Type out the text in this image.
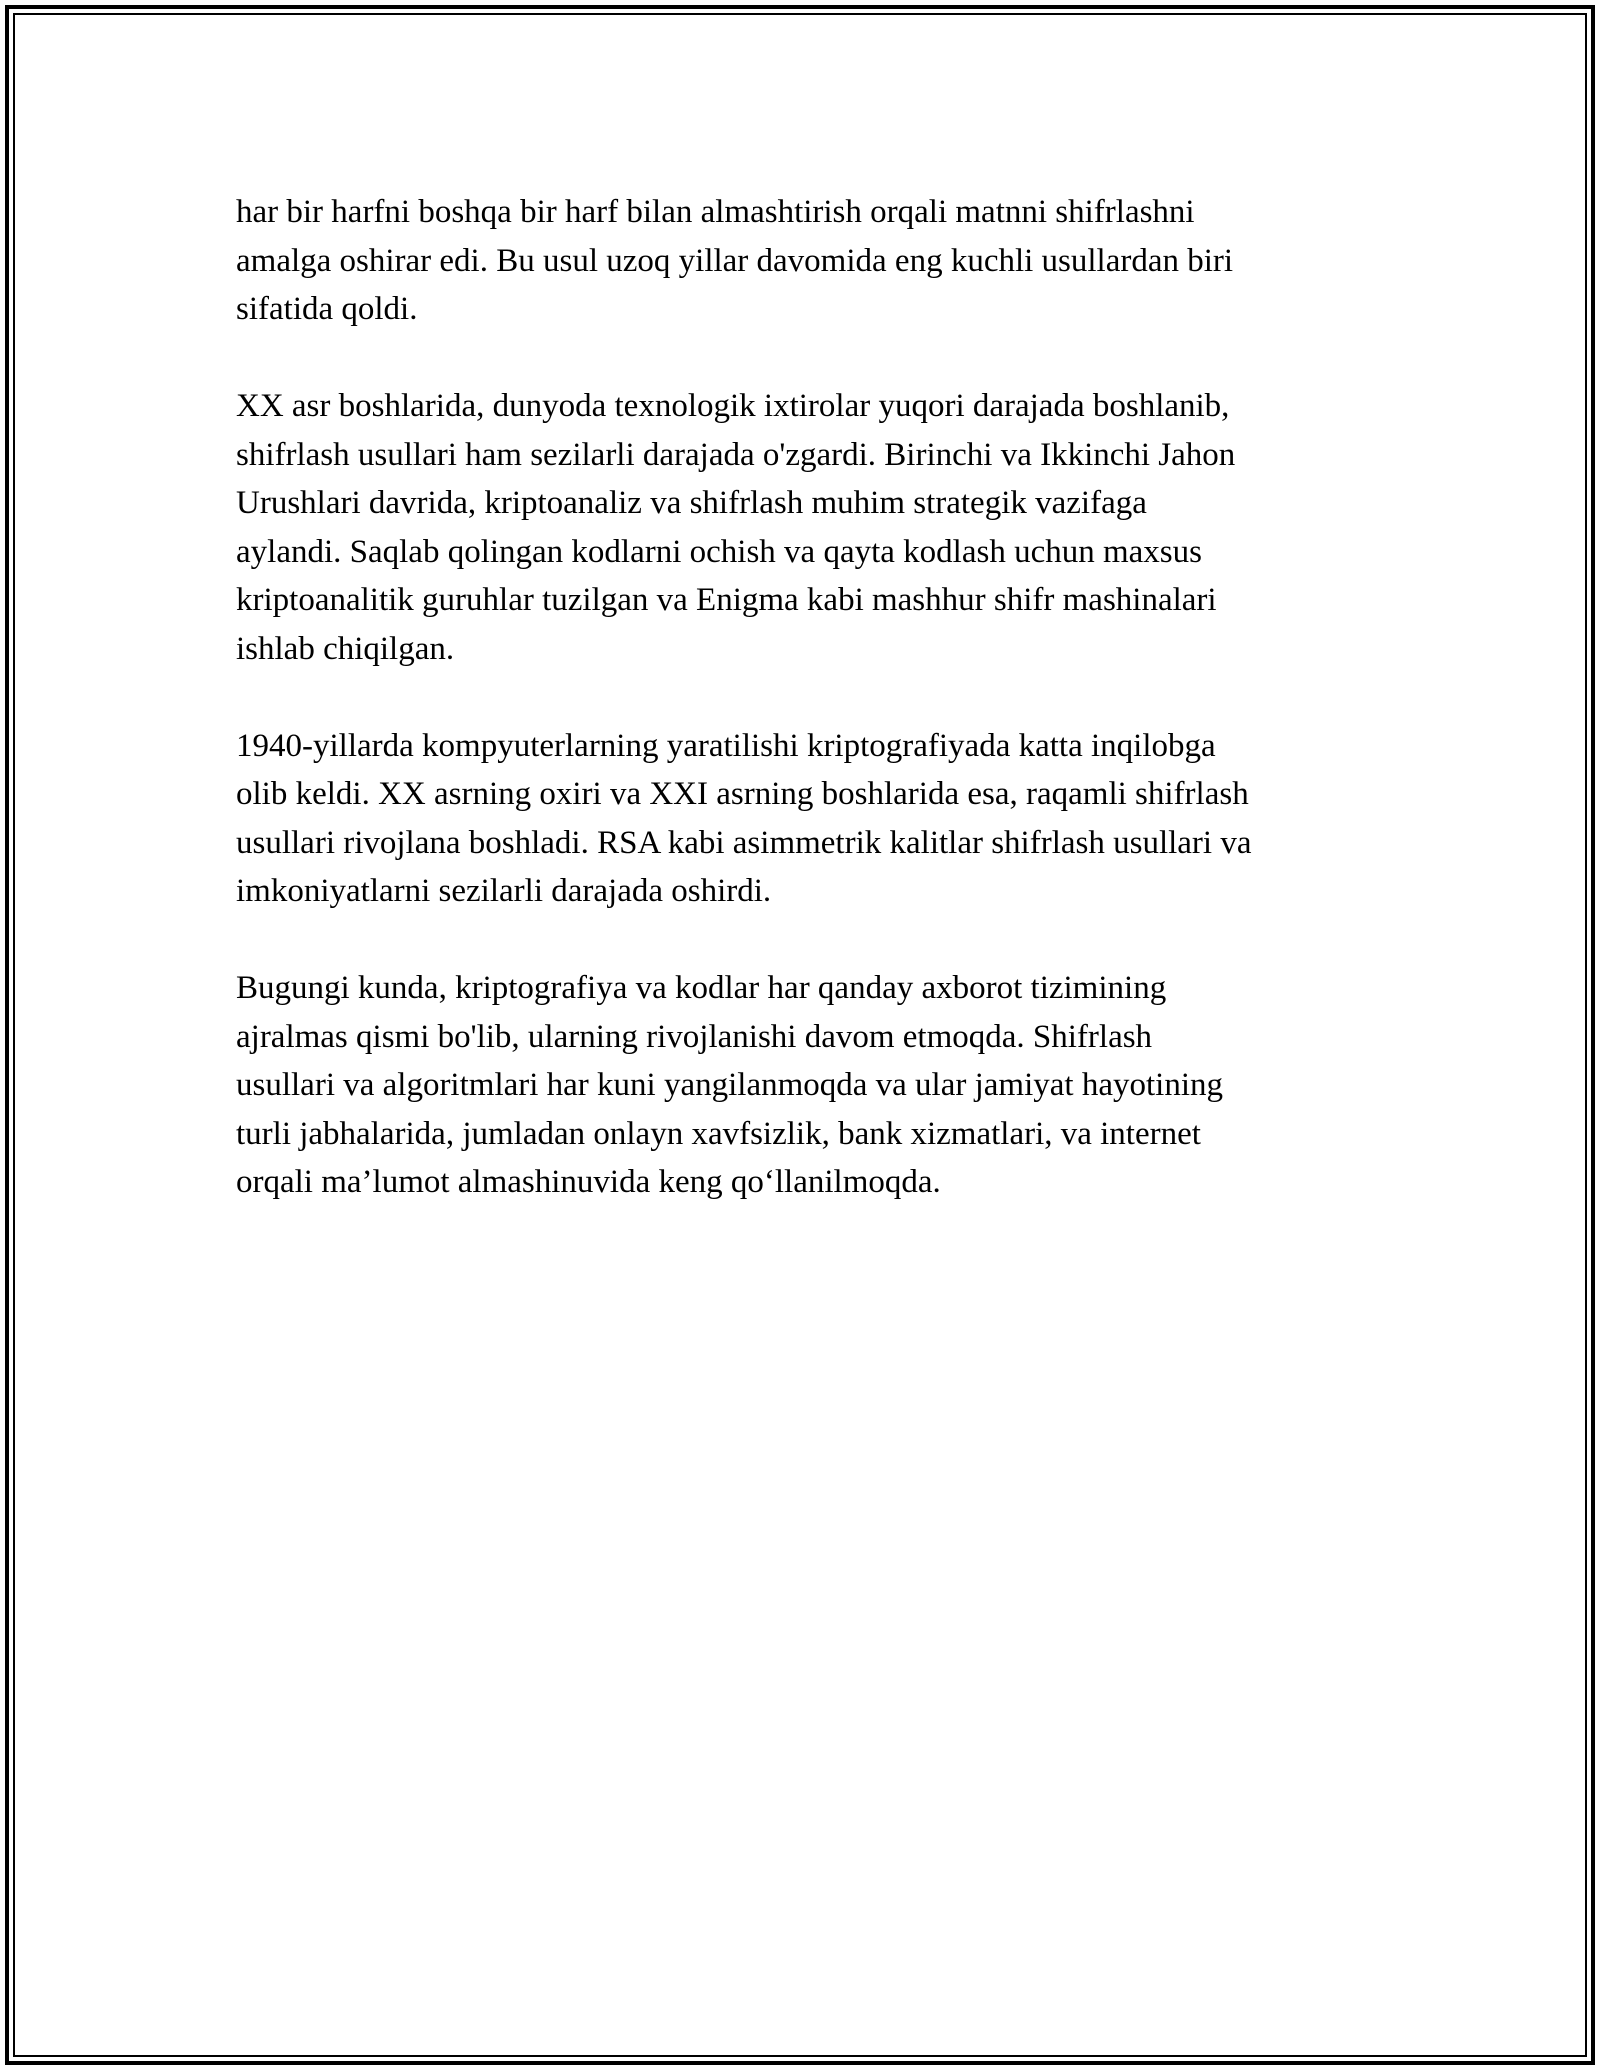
har bir harfni boshqa bir harf bilan almashtirish orqali matnni shifrlashni
amalga oshirar edi. Bu usul uzoq yillar davomida eng kuchli usullardan biri
sifatida qoldi.

XX asr boshlarida, dunyoda texnologik ixtirolar yuqori darajada boshlanib,
shifrlash usullari ham sezilarli darajada o'zgardi. Birinchi va Ikkinchi Jahon
Urushlari davrida, kriptoanaliz va shifrlash muhim strategik vazifaga
aylandi. Saqlab qolingan kodlarni ochish va qayta kodlash uchun maxsus
kriptoanalitik guruhlar tuzilgan va Enigma kabi mashhur shifr mashinalari
ishlab chiqilgan.

1940-yillarda kompyuterlarning yaratilishi kriptografiyada katta inqilobga
olib keldi. XX asrning oxiri va XXI asrning boshlarida esa, raqamli shifrlash
usullari rivojlana boshladi. RSA kabi asimmetrik kalitlar shifrlash usullari va
imkoniyatlarni sezilarli darajada oshirdi.

Bugungi kunda, kriptografiya va kodlar har qanday axborot tizimining
ajralmas qismi bo'lib, ularning rivojlanishi davom etmoqda. Shifrlash
usullari va algoritmlari har kuni yangilanmoqda va ular jamiyat hayotining
turli jabhalarida, jumladan onlayn xavfsizlik, bank xizmatlari, va internet
orqali ma’lumot almashinuvida keng qo‘llanilmoqda.
